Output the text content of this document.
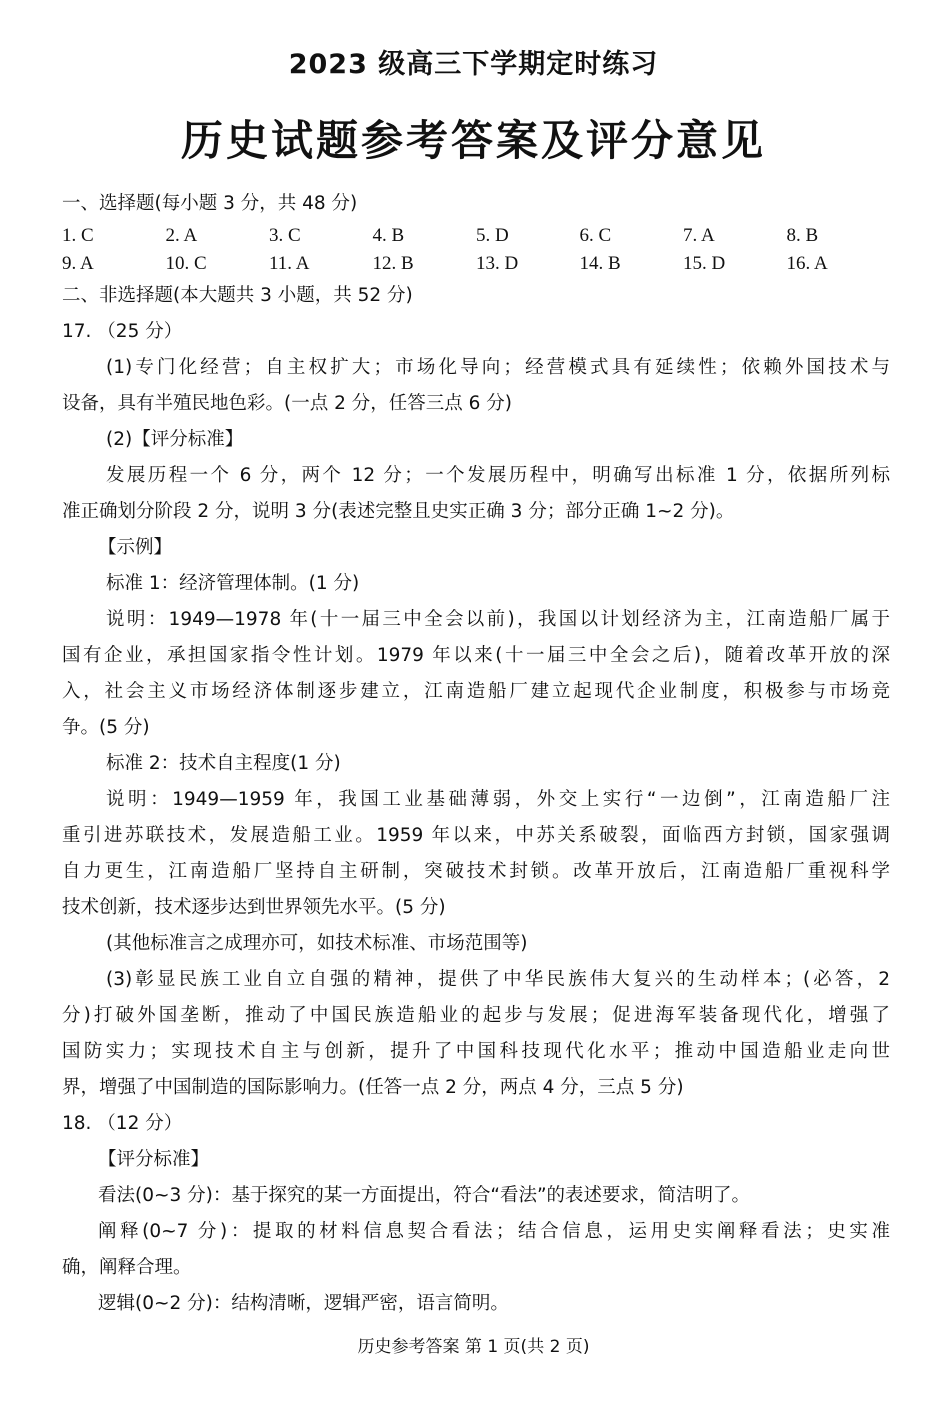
2023 级高三下学期定时练习
历史试题参考答案及评分意见
一、选择题(每小题 3 分，共 48 分)
1. C	2. A	3. C	4. B	5. D	6. C	7. A	8. B
9. A	10. C	11. A	12. B	13. D	14. B	15. D	16. A
二、非选择题(本大题共 3 小题，共 52 分)
17. （25 分）
(1)专门化经营；自主权扩大；市场化导向；经营模式具有延续性；依赖外国技术与
设备，具有半殖民地色彩。(一点 2 分，任答三点 6 分)
(2)【评分标准】
发展历程一个 6 分，两个 12 分；一个发展历程中，明确写出标准 1 分，依据所列标
准正确划分阶段 2 分，说明 3 分(表述完整且史实正确 3 分；部分正确 1~2 分)。
【示例】
标准 1：经济管理体制。(1 分)
说明：1949—1978 年(十一届三中全会以前)，我国以计划经济为主，江南造船厂属于
国有企业，承担国家指令性计划。1979 年以来(十一届三中全会之后)，随着改革开放的深
入，社会主义市场经济体制逐步建立，江南造船厂建立起现代企业制度，积极参与市场竞
争。(5 分)
标准 2：技术自主程度(1 分)
说明：1949—1959 年，我国工业基础薄弱，外交上实行“一边倒”，江南造船厂注
重引进苏联技术，发展造船工业。1959 年以来，中苏关系破裂，面临西方封锁，国家强调
自力更生，江南造船厂坚持自主研制，突破技术封锁。改革开放后，江南造船厂重视科学
技术创新，技术逐步达到世界领先水平。(5 分)
(其他标准言之成理亦可，如技术标准、市场范围等)
(3)彰显民族工业自立自强的精神，提供了中华民族伟大复兴的生动样本；(必答，2
分)打破外国垄断，推动了中国民族造船业的起步与发展；促进海军装备现代化，增强了
国防实力；实现技术自主与创新，提升了中国科技现代化水平；推动中国造船业走向世
界，增强了中国制造的国际影响力。(任答一点 2 分，两点 4 分，三点 5 分)
18. （12 分）
【评分标准】
看法(0~3 分)：基于探究的某一方面提出，符合“看法”的表述要求，简洁明了。
阐释(0~7 分)：提取的材料信息契合看法；结合信息，运用史实阐释看法；史实准
确，阐释合理。
逻辑(0~2 分)：结构清晰，逻辑严密，语言简明。
历史参考答案 第 1 页(共 2 页)
